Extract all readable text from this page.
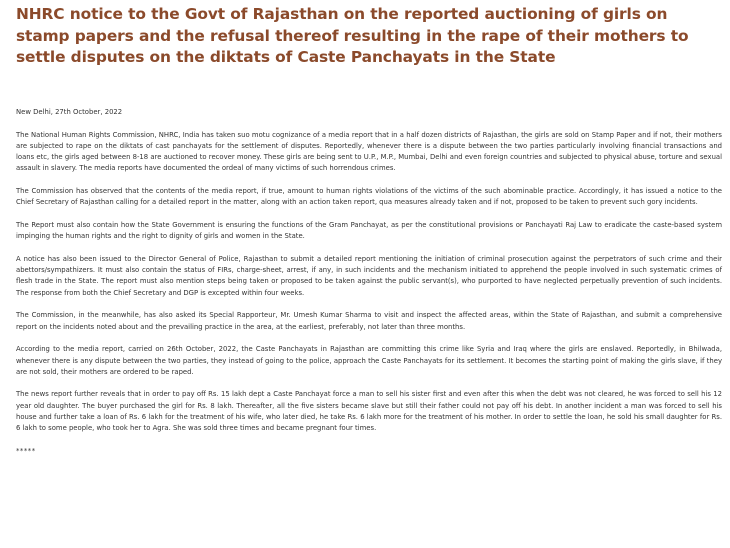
NHRC notice to the Govt of Rajasthan on the reported auctioning of girls on stamp papers and the refusal thereof resulting in the rape of their mothers to settle disputes on the diktats of Caste Panchayats in the State

New Delhi, 27th October, 2022

The National Human Rights Commission, NHRC, India has taken suo motu cognizance of a media report that in a half dozen districts of Rajasthan, the girls are sold on Stamp Paper and if not, their mothers are subjected to rape on the diktats of cast panchayats for the settlement of disputes. Reportedly, whenever there is a dispute between the two parties particularly involving financial transactions and loans etc, the girls aged between 8-18 are auctioned to recover money. These girls are being sent to U.P., M.P., Mumbai, Delhi and even foreign countries and subjected to physical abuse, torture and sexual assault in slavery. The media reports have documented the ordeal of many victims of such horrendous crimes.

The Commission has observed that the contents of the media report, if true, amount to human rights violations of the victims of the such abominable practice. Accordingly, it has issued a notice to the Chief Secretary of Rajasthan calling for a detailed report in the matter, along with an action taken report, qua measures already taken and if not, proposed to be taken to prevent such gory incidents.

The Report must also contain how the State Government is ensuring the functions of the Gram Panchayat, as per the constitutional provisions or Panchayati Raj Law to eradicate the caste-based system impinging the human rights and the right to dignity of girls and women in the State.

A notice has also been issued to the Director General of Police, Rajasthan to submit a detailed report mentioning the initiation of criminal prosecution against the perpetrators of such crime and their abettors/sympathizers. It must also contain the status of FIRs, charge-sheet, arrest, if any, in such incidents and the mechanism initiated to apprehend the people involved in such systematic crimes of flesh trade in the State. The report must also mention steps being taken or proposed to be taken against the public servant(s), who purported to have neglected perpetually prevention of such incidents. The response from both the Chief Secretary and DGP is excepted within four weeks.

The Commission, in the meanwhile, has also asked its Special Rapporteur, Mr. Umesh Kumar Sharma to visit and inspect the affected areas, within the State of Rajasthan, and submit a comprehensive report on the incidents noted about and the prevailing practice in the area, at the earliest, preferably, not later than three months.

According to the media report, carried on 26th October, 2022, the Caste Panchayats in Rajasthan are committing this crime like Syria and Iraq where the girls are enslaved. Reportedly, in Bhilwada, whenever there is any dispute between the two parties, they instead of going to the police, approach the Caste Panchayats for its settlement. It becomes the starting point of making the girls slave, if they are not sold, their mothers are ordered to be raped.

The news report further reveals that in order to pay off Rs. 15 lakh dept a Caste Panchayat force a man to sell his sister first and even after this when the debt was not cleared, he was forced to sell his 12 year old daughter. The buyer purchased the girl for Rs. 8 lakh. Thereafter, all the five sisters became slave but still their father could not pay off his debt. In another incident a man was forced to sell his house and further take a loan of Rs. 6 lakh for the treatment of his wife, who later died, he take Rs. 6 lakh more for the treatment of his mother. In order to settle the loan, he sold his small daughter for Rs. 6 lakh to some people, who took her to Agra. She was sold three times and became pregnant four times.

*****
